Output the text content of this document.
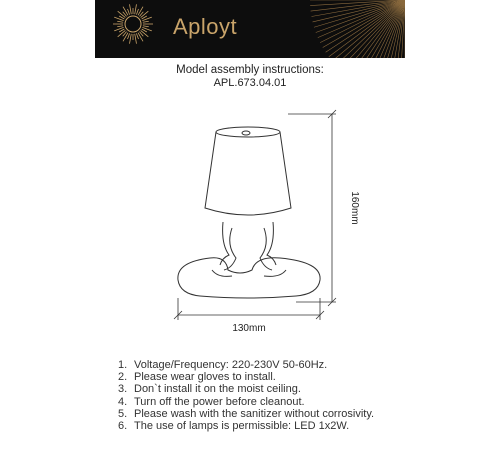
Aployt
Model assembly instructions:
APL.673.04.01
160mm
130mm
1. Voltage/Frequency: 220-230V 50-60Hz.
2. Please wear gloves to install.
3. Don`t install it on the moist ceiling.
4. Turn off the power before cleanout.
5. Please wash with the sanitizer without corrosivity.
6. The use of lamps is permissible: LED 1x2W.
